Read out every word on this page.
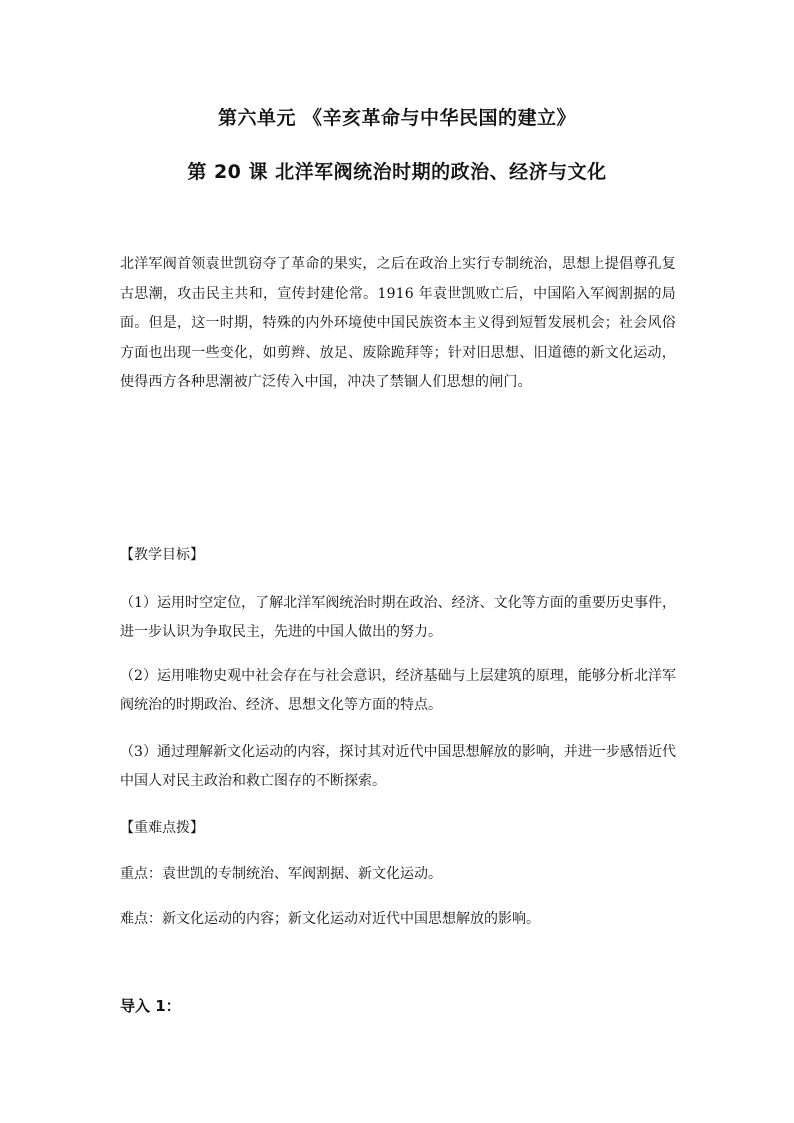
第六单元 《辛亥革命与中华民国的建立》
第 20 课 北洋军阀统治时期的政治、经济与文化

北洋军阀首领袁世凯窃夺了革命的果实，之后在政治上实行专制统治，思想上提倡尊孔复古思潮，攻击民主共和，宣传封建伦常。1916 年袁世凯败亡后，中国陷入军阀割据的局面。但是，这一时期，特殊的内外环境使中国民族资本主义得到短暂发展机会；社会风俗方面也出现一些变化，如剪辫、放足、废除跪拜等；针对旧思想、旧道德的新文化运动，使得西方各种思潮被广泛传入中国，冲决了禁锢人们思想的闸门。

【教学目标】
（1）运用时空定位，了解北洋军阀统治时期在政治、经济、文化等方面的重要历史事件，进一步认识为争取民主，先进的中国人做出的努力。
（2）运用唯物史观中社会存在与社会意识，经济基础与上层建筑的原理，能够分析北洋军阀统治的时期政治、经济、思想文化等方面的特点。
（3）通过理解新文化运动的内容，探讨其对近代中国思想解放的影响，并进一步感悟近代中国人对民主政治和救亡图存的不断探索。
【重难点拨】
重点：袁世凯的专制统治、军阀割据、新文化运动。
难点：新文化运动的内容；新文化运动对近代中国思想解放的影响。
导入 1：
